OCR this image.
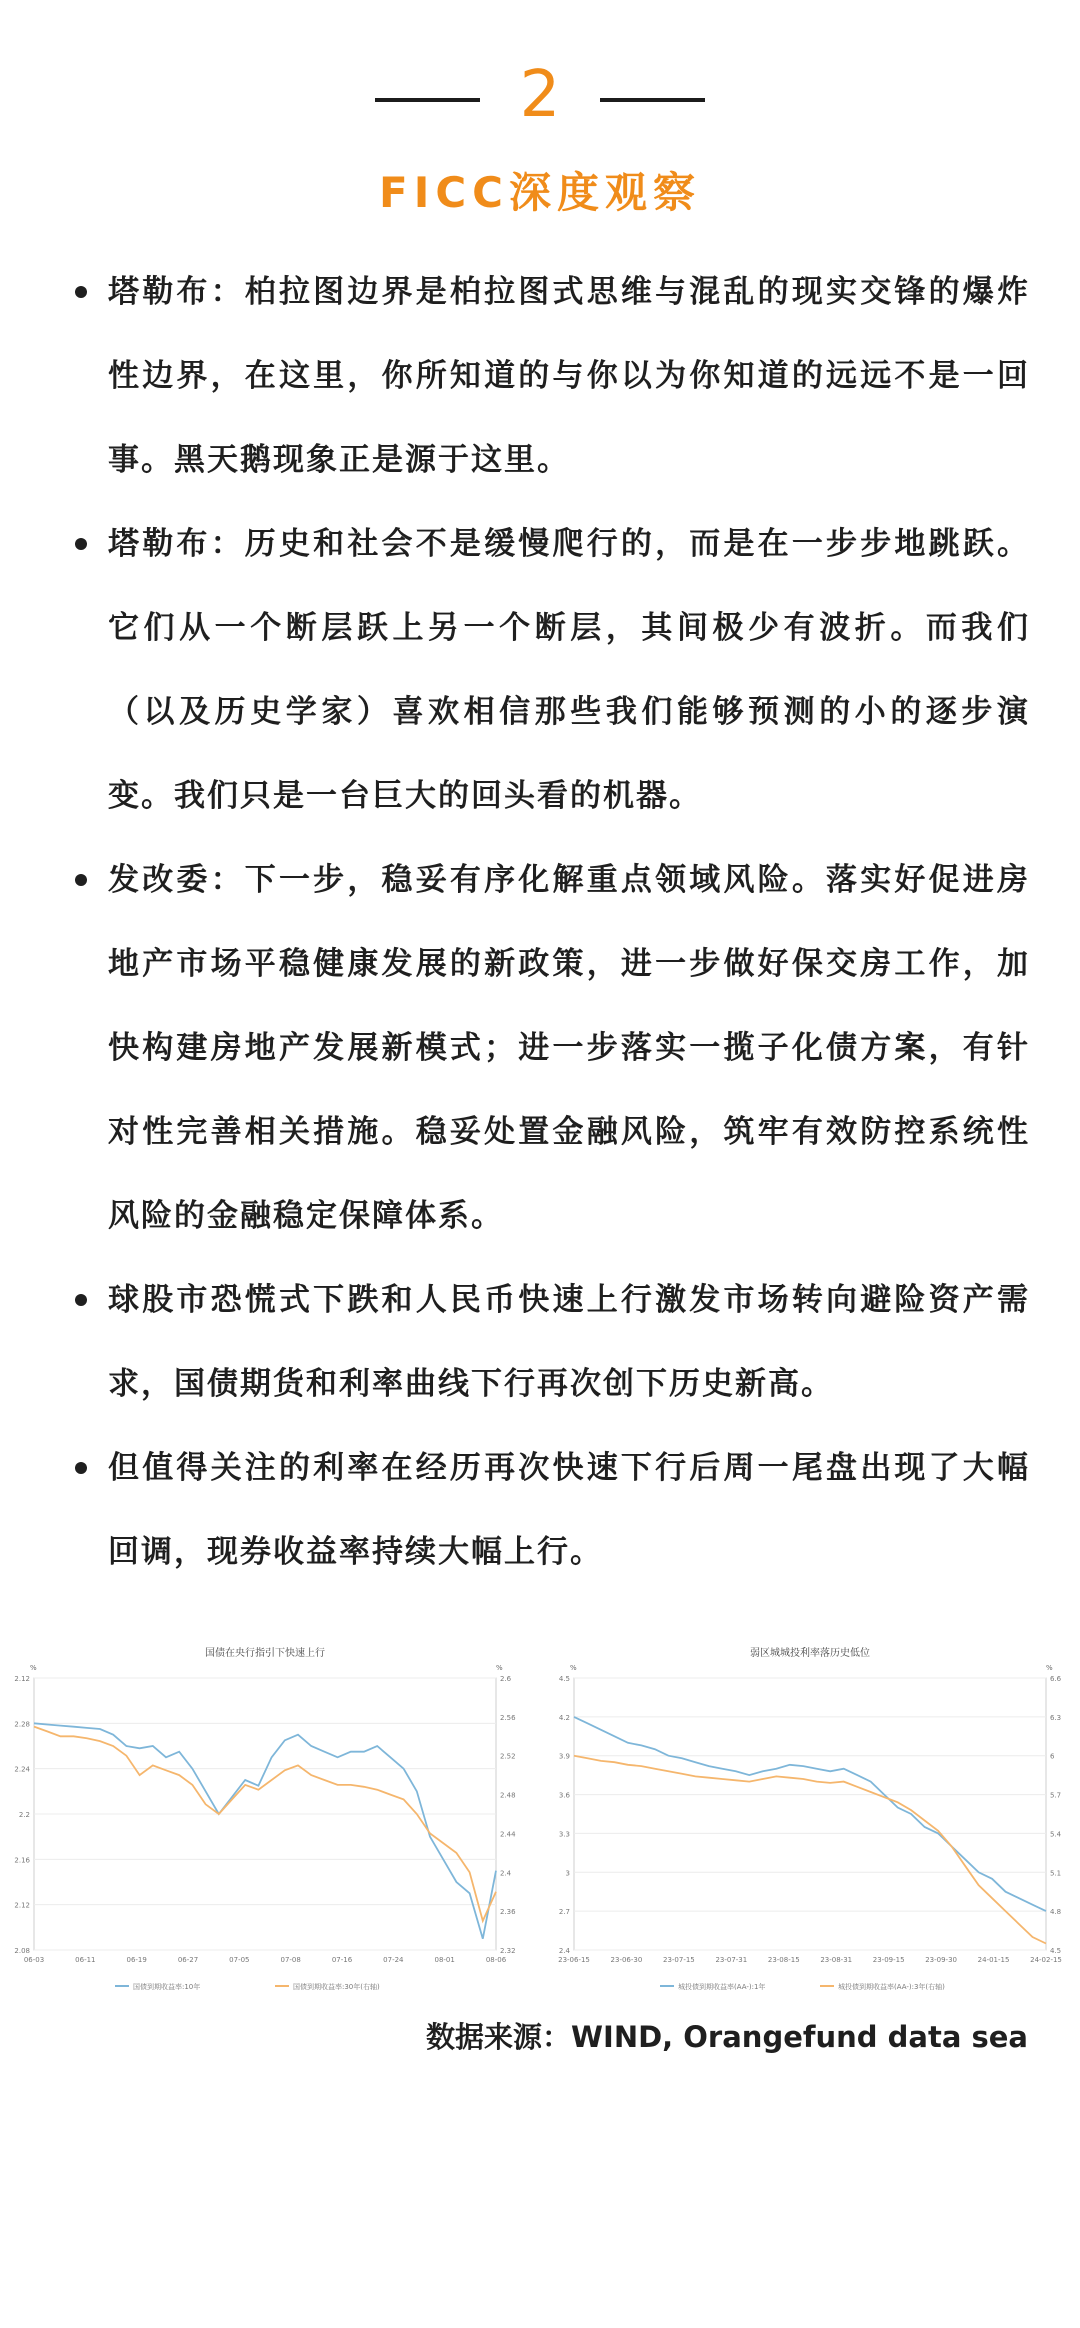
2
FICC深度观察
塔勒布：柏拉图边界是柏拉图式思维与混乱的现实交锋的爆炸性边界，在这里，你所知道的与你以为你知道的远远不是一回事。黑天鹅现象正是源于这里。
塔勒布：历史和社会不是缓慢爬行的，而是在一步步地跳跃。它们从一个断层跃上另一个断层，其间极少有波折。而我们（以及历史学家）喜欢相信那些我们能够预测的小的逐步演变。我们只是一台巨大的回头看的机器。
发改委：下一步，稳妥有序化解重点领域风险。落实好促进房地产市场平稳健康发展的新政策，进一步做好保交房工作，加快构建房地产发展新模式；进一步落实一揽子化债方案，有针对性完善相关措施。稳妥处置金融风险，筑牢有效防控系统性风险的金融稳定保障体系。
球股市恐慌式下跌和人民币快速上行激发市场转向避险资产需求，国债期货和利率曲线下行再次创下历史新高。
但值得关注的利率在经历再次快速下行后周一尾盘出现了大幅回调，现券收益率持续大幅上行。
国债在央行指引下快速上行
%	%
2.12
2.28
2.24
2.2
2.16
2.12
2.08
2.6
2.56
2.52
2.48
2.44
2.4
2.36
2.32
06-03	06-11	06-19	06-27	07-05	07-08	07-16	07-24	08-01	08-06
国债到期收益率:10年	国债到期收益率:30年(右轴)
弱区城城投利率落历史低位
%	%
4.5
4.2
3.9
3.6
3.3
3
2.7
2.4
6.6
6.3
6
5.7
5.4
5.1
4.8
4.5
23-06-15	23-06-30	23-07-15	23-07-31	23-08-15	23-08-31	23-09-15	23-09-30	24-01-15	24-02-15
城投债到期收益率(AA-):1年	城投债到期收益率(AA-):3年(右轴)
数据来源：WIND, Orangefund data sea
